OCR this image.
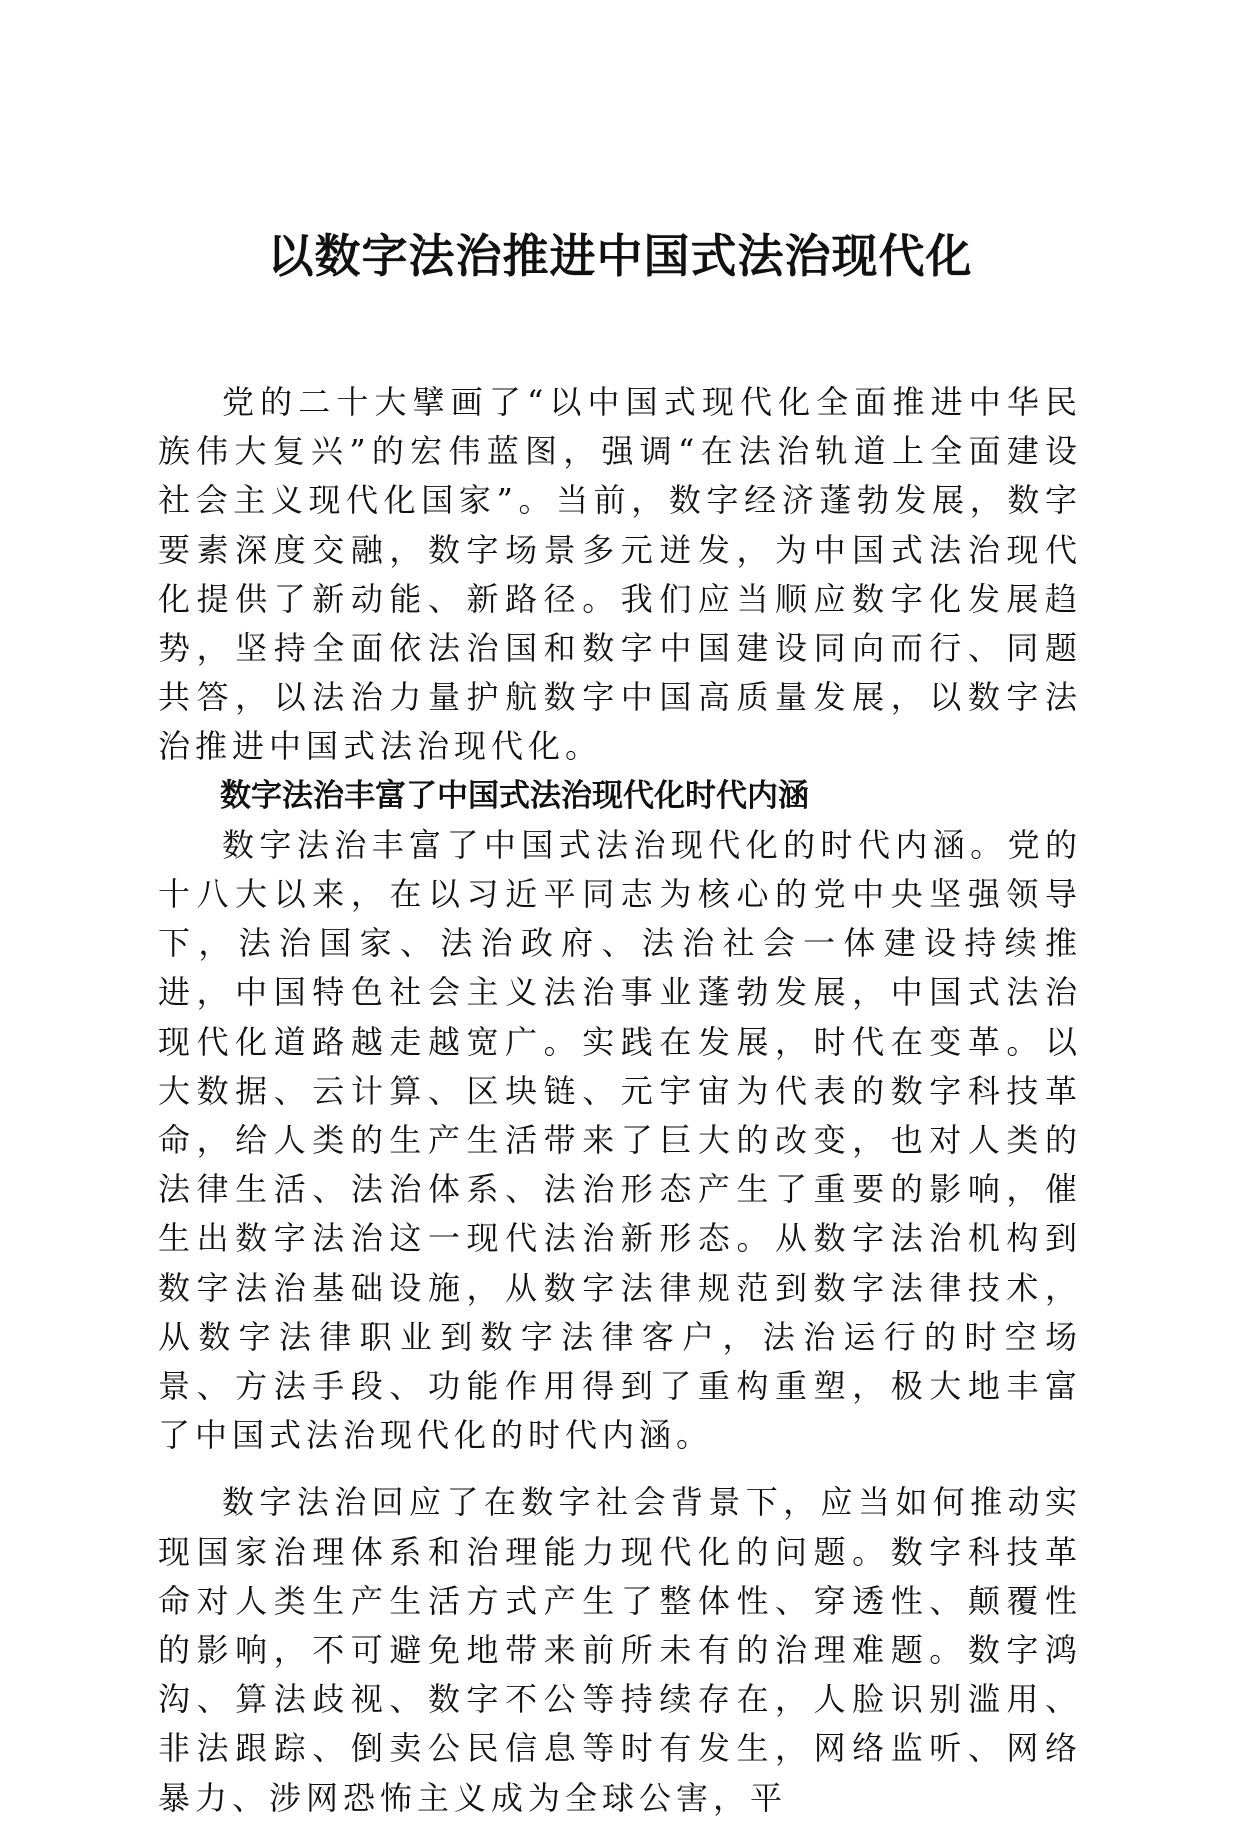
以数字法治推进中国式法治现代化

党的二十大擘画了“以中国式现代化全面推进中华民族伟大复兴”的宏伟蓝图，强调“在法治轨道上全面建设社会主义现代化国家”。当前，数字经济蓬勃发展，数字要素深度交融，数字场景多元迸发，为中国式法治现代化提供了新动能、新路径。我们应当顺应数字化发展趋势，坚持全面依法治国和数字中国建设同向而行、同题共答，以法治力量护航数字中国高质量发展，以数字法治推进中国式法治现代化。

数字法治丰富了中国式法治现代化时代内涵

数字法治丰富了中国式法治现代化的时代内涵。党的十八大以来，在以习近平同志为核心的党中央坚强领导下，法治国家、法治政府、法治社会一体建设持续推进，中国特色社会主义法治事业蓬勃发展，中国式法治现代化道路越走越宽广。实践在发展，时代在变革。以大数据、云计算、区块链、元宇宙为代表的数字科技革命，给人类的生产生活带来了巨大的改变，也对人类的法律生活、法治体系、法治形态产生了重要的影响，催生出数字法治这一现代法治新形态。从数字法治机构到数字法治基础设施，从数字法律规范到数字法律技术，从数字法律职业到数字法律客户，法治运行的时空场景、方法手段、功能作用得到了重构重塑，极大地丰富了中国式法治现代化的时代内涵。

数字法治回应了在数字社会背景下，应当如何推动实现国家治理体系和治理能力现代化的问题。数字科技革命对人类生产生活方式产生了整体性、穿透性、颠覆性的影响，不可避免地带来前所未有的治理难题。数字鸿沟、算法歧视、数字不公等持续存在，人脸识别滥用、非法跟踪、倒卖公民信息等时有发生，网络监听、网络暴力、涉网恐怖主义成为全球公害，平
